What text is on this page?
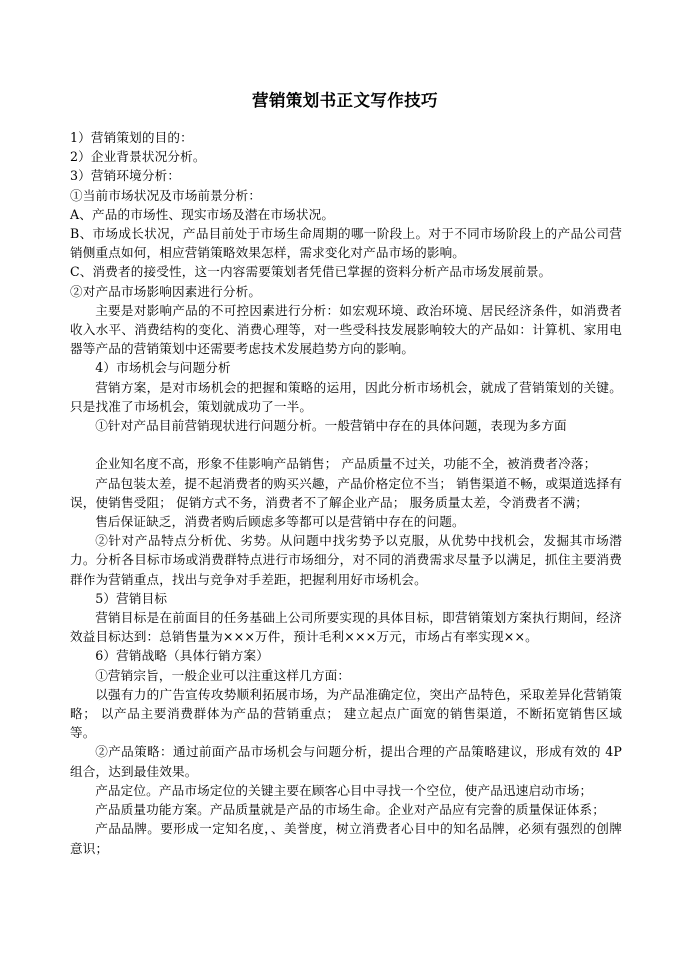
营销策划书正文写作技巧

1）营销策划的目的：

2）企业背景状况分析。

3）营销环境分析：

①当前市场状况及市场前景分析：

A、产品的市场性、现实市场及潜在市场状况。

B、市场成长状况，产品目前处于市场生命周期的哪一阶段上。对于不同市场阶段上的产品公司营销侧重点如何，相应营销策略效果怎样，需求变化对产品市场的影响。

C、消费者的接受性，这一内容需要策划者凭借已掌握的资料分析产品市场发展前景。

②对产品市场影响因素进行分析。

主要是对影响产品的不可控因素进行分析：如宏观环境、政治环境、居民经济条件，如消费者收入水平、消费结构的变化、消费心理等，对一些受科技发展影响较大的产品如：计算机、家用电器等产品的营销策划中还需要考虑技术发展趋势方向的影响。

4）市场机会与问题分析

营销方案，是对市场机会的把握和策略的运用，因此分析市场机会，就成了营销策划的关键。只是找准了市场机会，策划就成功了一半。

①针对产品目前营销现状进行问题分析。一般营销中存在的具体问题，表现为多方面

企业知名度不高，形象不佳影响产品销售； 产品质量不过关，功能不全，被消费者冷落；

产品包装太差，提不起消费者的购买兴趣，产品价格定位不当； 销售渠道不畅，或渠道选择有误，使销售受阻； 促销方式不务，消费者不了解企业产品； 服务质量太差，令消费者不满；

售后保证缺乏，消费者购后顾虑多等都可以是营销中存在的问题。

②针对产品特点分析优、劣势。从问题中找劣势予以克服，从优势中找机会，发掘其市场潜力。分析各目标市场或消费群特点进行市场细分，对不同的消费需求尽量予以满足，抓住主要消费群作为营销重点，找出与竞争对手差距，把握利用好市场机会。

5）营销目标

营销目标是在前面目的任务基础上公司所要实现的具体目标，即营销策划方案执行期间，经济效益目标达到：总销售量为×××万件，预计毛利×××万元，市场占有率实现××。

6）营销战略（具体行销方案）

①营销宗旨，一般企业可以注重这样几方面：

以强有力的广告宣传攻势顺利拓展市场，为产品准确定位，突出产品特色，采取差异化营销策略； 以产品主要消费群体为产品的营销重点； 建立起点广面宽的销售渠道，不断拓宽销售区域等。

②产品策略：通过前面产品市场机会与问题分析，提出合理的产品策略建议，形成有效的 4P 组合，达到最佳效果。

产品定位。产品市场定位的关键主要在顾客心目中寻找一个空位，使产品迅速启动市场；

产品质量功能方案。产品质量就是产品的市场生命。企业对产品应有完誊的质量保证体系；

产品品牌。要形成一定知名度，、美誉度，树立消费者心目中的知名品牌，必须有强烈的创牌意识；
